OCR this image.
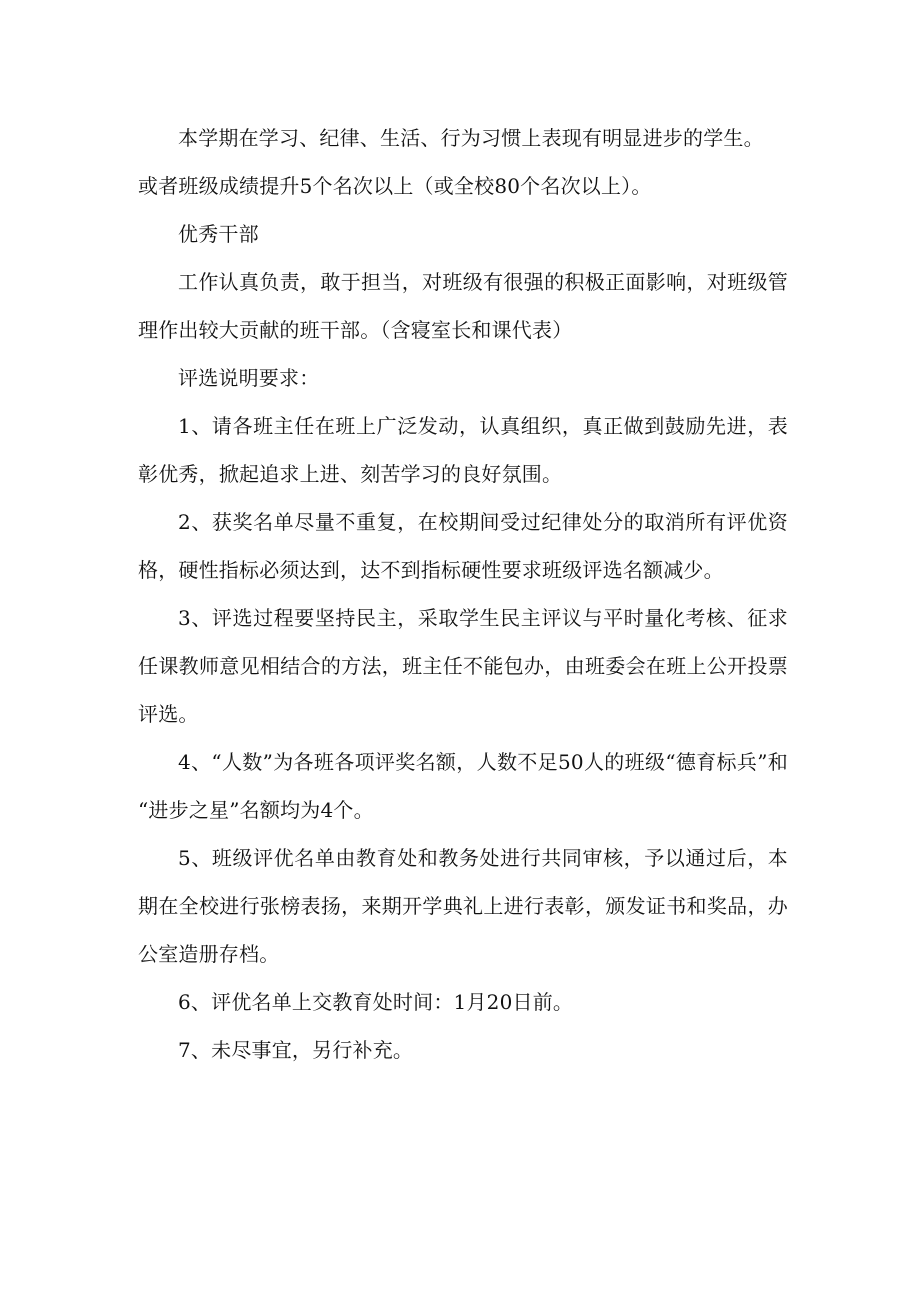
本学期在学习、纪律、生活、行为习惯上表现有明显进步的学生。

或者班级成绩提升5个名次以上（或全校80个名次以上）。

优秀干部

工作认真负责，敢于担当，对班级有很强的积极正面影响，对班级管理作出较大贡献的班干部。（含寝室长和课代表）

评选说明要求：

1、请各班主任在班上广泛发动，认真组织，真正做到鼓励先进，表彰优秀，掀起追求上进、刻苦学习的良好氛围。

2、获奖名单尽量不重复，在校期间受过纪律处分的取消所有评优资格，硬性指标必须达到，达不到指标硬性要求班级评选名额减少。

3、评选过程要坚持民主，采取学生民主评议与平时量化考核、征求任课教师意见相结合的方法，班主任不能包办，由班委会在班上公开投票评选。

4、“人数”为各班各项评奖名额，人数不足50人的班级“德育标兵”和“进步之星”名额均为4个。

5、班级评优名单由教育处和教务处进行共同审核，予以通过后，本期在全校进行张榜表扬，来期开学典礼上进行表彰，颁发证书和奖品，办公室造册存档。

6、评优名单上交教育处时间：1月20日前。

7、未尽事宜，另行补充。
